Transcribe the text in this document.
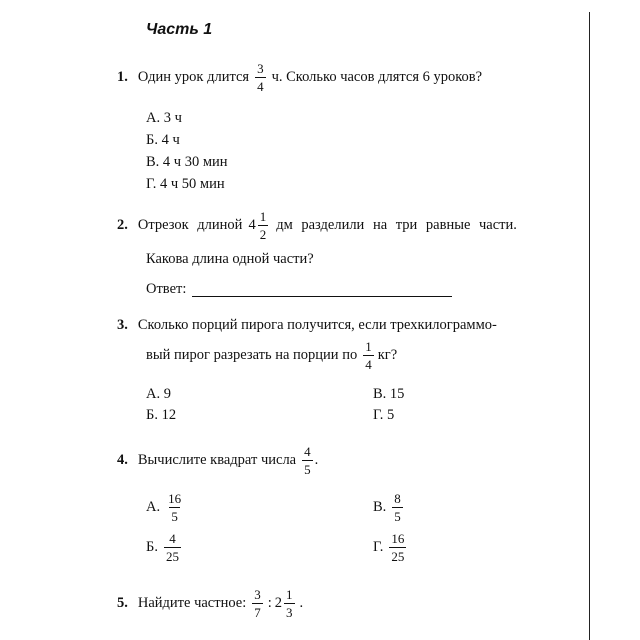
Часть 1
1. Один урок длится $\frac{3}{4} ч$. Сколько часов длятся 6 уроков?
А. 3 ч
Б. 4 ч
В. 4 ч 30 мин
Г. 4 ч 50 мин
2. Отрезок длиной $4 \frac{1}{2}$ дм разделили на три равные части.
Какова длина одной части?
Ответ:
3. Сколько порций пирога получится, если трехкилограммо-
вый пирог разрезать на порции по $\frac{1}{4}$ кг?
А. 9	В. 15
Б. 12	Г. 5
4. Вычислите квадрат числа $\frac{4}{5}$ .
А. $\frac{16}{5}$	В. $\frac{8}{5}$
Б. $\frac{4}{25}$	Г. $\frac{16}{25}$
5. Найдите частное: $\frac{3}{7}$ : $2 \frac{1}{3}$ .
